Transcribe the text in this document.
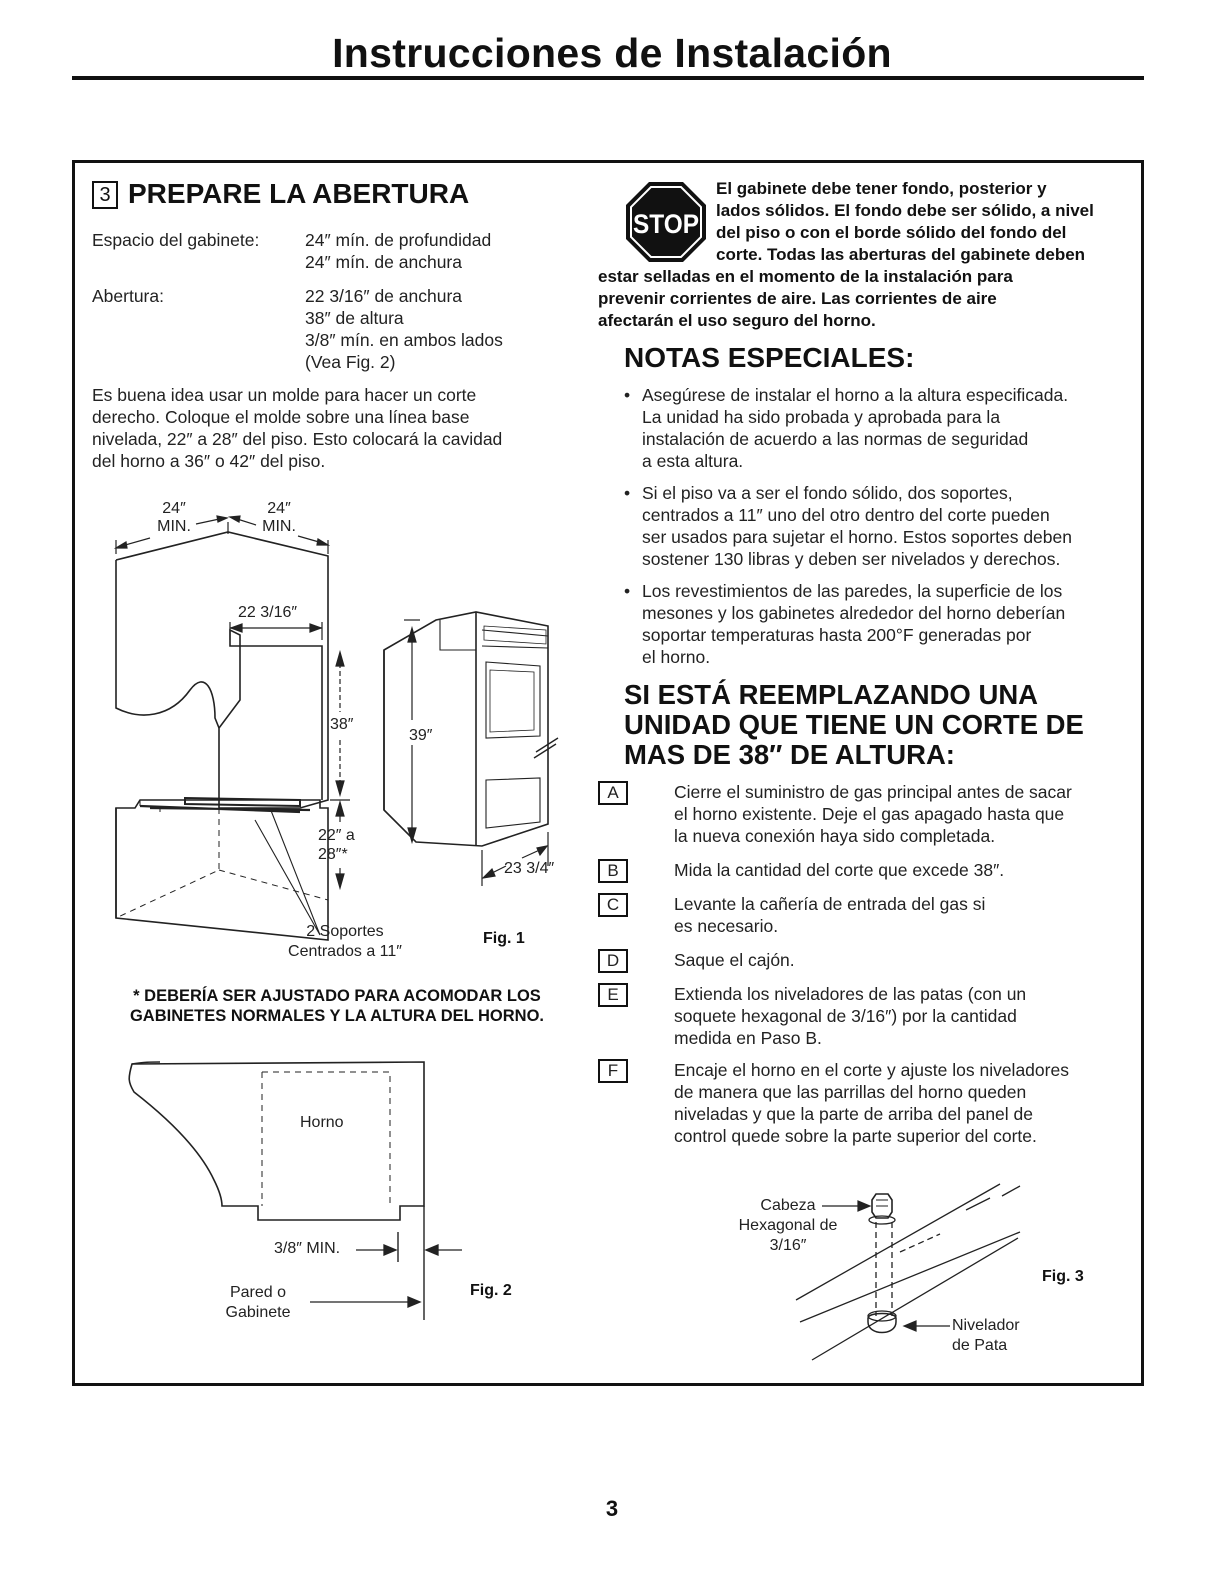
Instrucciones de Instalación
3 PREPARE LA ABERTURA
Espacio del gabinete:	24″ mín. de profundidad
24″ mín. de anchura
Abertura:	22 3/16″ de anchura
38″ de altura
3/8″ mín. en ambos lados
(Vea Fig. 2)
Es buena idea usar un molde para hacer un corte
derecho. Coloque el molde sobre una línea base
nivelada, 22″ a 28″ del piso. Esto colocará la cavidad
del horno a 36″ o 42″ del piso.
24″
MIN.
24″
MIN.
22 3/16″
38″
39″
22″ a
28″*
23 3/4″
2 Soportes
Centrados a 11″
Fig. 1
* DEBERÍA SER AJUSTADO PARA ACOMODAR LOS
GABINETES NORMALES Y LA ALTURA DEL HORNO.
Horno
3/8″ MIN.
Pared o
Gabinete
Fig. 2
STOP
El gabinete debe tener fondo, posterior y
lados sólidos. El fondo debe ser sólido, a nivel
del piso o con el borde sólido del fondo del
corte. Todas las aberturas del gabinete deben
estar selladas en el momento de la instalación para
prevenir corrientes de aire. Las corrientes de aire
afectarán el uso seguro del horno.
NOTAS ESPECIALES:
• Asegúrese de instalar el horno a la altura especificada.
La unidad ha sido probada y aprobada para la
instalación de acuerdo a las normas de seguridad
a esta altura.
• Si el piso va a ser el fondo sólido, dos soportes,
centrados a 11″ uno del otro dentro del corte pueden
ser usados para sujetar el horno. Estos soportes deben
sostener 130 libras y deben ser nivelados y derechos.
• Los revestimientos de las paredes, la superficie de los
mesones y los gabinetes alrededor del horno deberían
soportar temperaturas hasta 200°F generadas por
el horno.
SI ESTÁ REEMPLAZANDO UNA
UNIDAD QUE TIENE UN CORTE DE
MAS DE 38″ DE ALTURA:
A	Cierre el suministro de gas principal antes de sacar
el horno existente. Deje el gas apagado hasta que
la nueva conexión haya sido completada.
B	Mida la cantidad del corte que excede 38″.
C	Levante la cañería de entrada del gas si
es necesario.
D	Saque el cajón.
E	Extienda los niveladores de las patas (con un
soquete hexagonal de 3/16″) por la cantidad
medida en Paso B.
F	Encaje el horno en el corte y ajuste los niveladores
de manera que las parrillas del horno queden
niveladas y que la parte de arriba del panel de
control quede sobre la parte superior del corte.
Cabeza
Hexagonal de
3/16″
Nivelador
de Pata
Fig. 3
3
